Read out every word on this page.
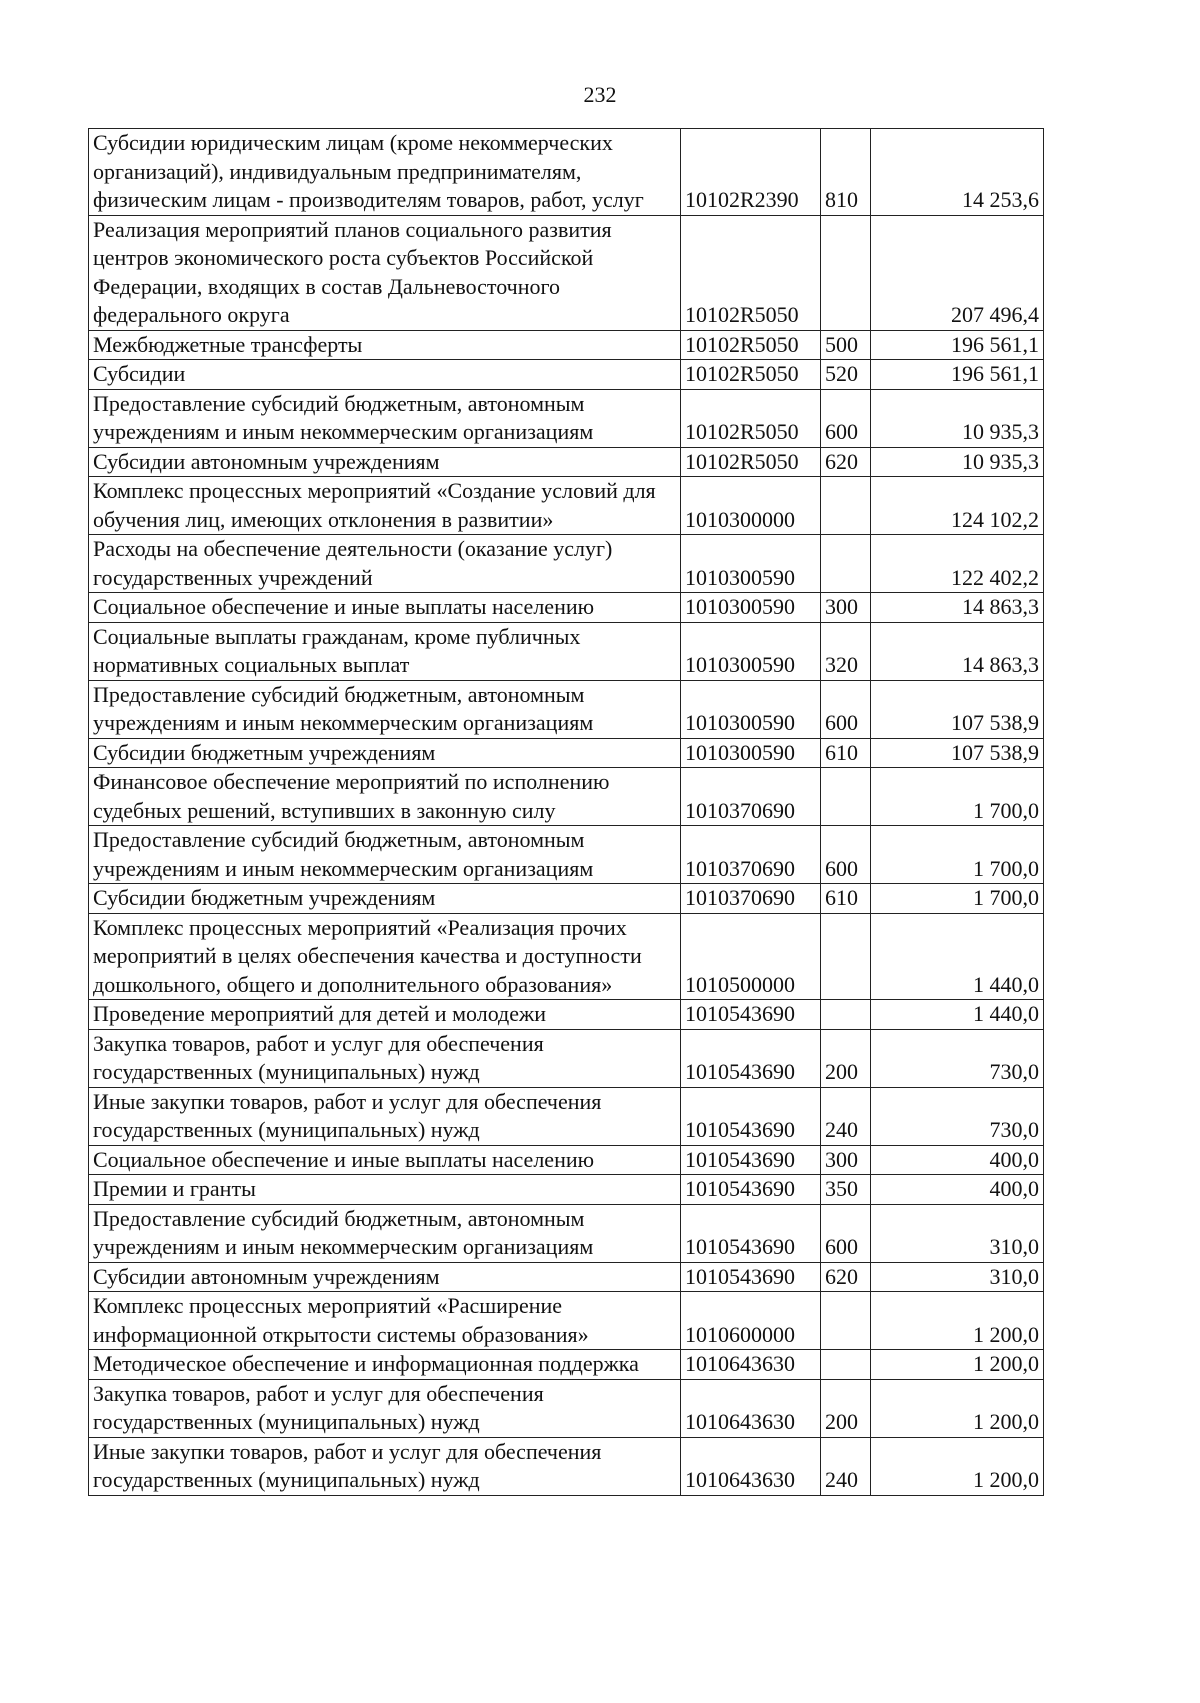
232
Субсидии юридическим лицам (кроме некоммерческих организаций), индивидуальным предпринимателям, физическим лицам - производителям товаров, работ, услуг	10102R2390	810	14 253,6
Реализация мероприятий планов социального развития центров экономического роста субъектов Российской Федерации, входящих в состав Дальневосточного федерального округа	10102R5050		207 496,4
Межбюджетные трансферты	10102R5050	500	196 561,1
Субсидии	10102R5050	520	196 561,1
Предоставление субсидий бюджетным, автономным учреждениям и иным некоммерческим организациям	10102R5050	600	10 935,3
Субсидии автономным учреждениям	10102R5050	620	10 935,3
Комплекс процессных мероприятий «Создание условий для обучения лиц, имеющих отклонения в развитии»	1010300000		124 102,2
Расходы на обеспечение деятельности (оказание услуг) государственных учреждений	1010300590		122 402,2
Социальное обеспечение и иные выплаты населению	1010300590	300	14 863,3
Социальные выплаты гражданам, кроме публичных нормативных социальных выплат	1010300590	320	14 863,3
Предоставление субсидий бюджетным, автономным учреждениям и иным некоммерческим организациям	1010300590	600	107 538,9
Субсидии бюджетным учреждениям	1010300590	610	107 538,9
Финансовое обеспечение мероприятий по исполнению судебных решений, вступивших в законную силу	1010370690		1 700,0
Предоставление субсидий бюджетным, автономным учреждениям и иным некоммерческим организациям	1010370690	600	1 700,0
Субсидии бюджетным учреждениям	1010370690	610	1 700,0
Комплекс процессных мероприятий «Реализация прочих мероприятий в целях обеспечения качества и доступности дошкольного, общего и дополнительного образования»	1010500000		1 440,0
Проведение мероприятий для детей и молодежи	1010543690		1 440,0
Закупка товаров, работ и услуг для обеспечения государственных (муниципальных) нужд	1010543690	200	730,0
Иные закупки товаров, работ и услуг для обеспечения государственных (муниципальных) нужд	1010543690	240	730,0
Социальное обеспечение и иные выплаты населению	1010543690	300	400,0
Премии и гранты	1010543690	350	400,0
Предоставление субсидий бюджетным, автономным учреждениям и иным некоммерческим организациям	1010543690	600	310,0
Субсидии автономным учреждениям	1010543690	620	310,0
Комплекс процессных мероприятий «Расширение информационной открытости системы образования»	1010600000		1 200,0
Методическое обеспечение и информационная поддержка	1010643630		1 200,0
Закупка товаров, работ и услуг для обеспечения государственных (муниципальных) нужд	1010643630	200	1 200,0
Иные закупки товаров, работ и услуг для обеспечения государственных (муниципальных) нужд	1010643630	240	1 200,0
